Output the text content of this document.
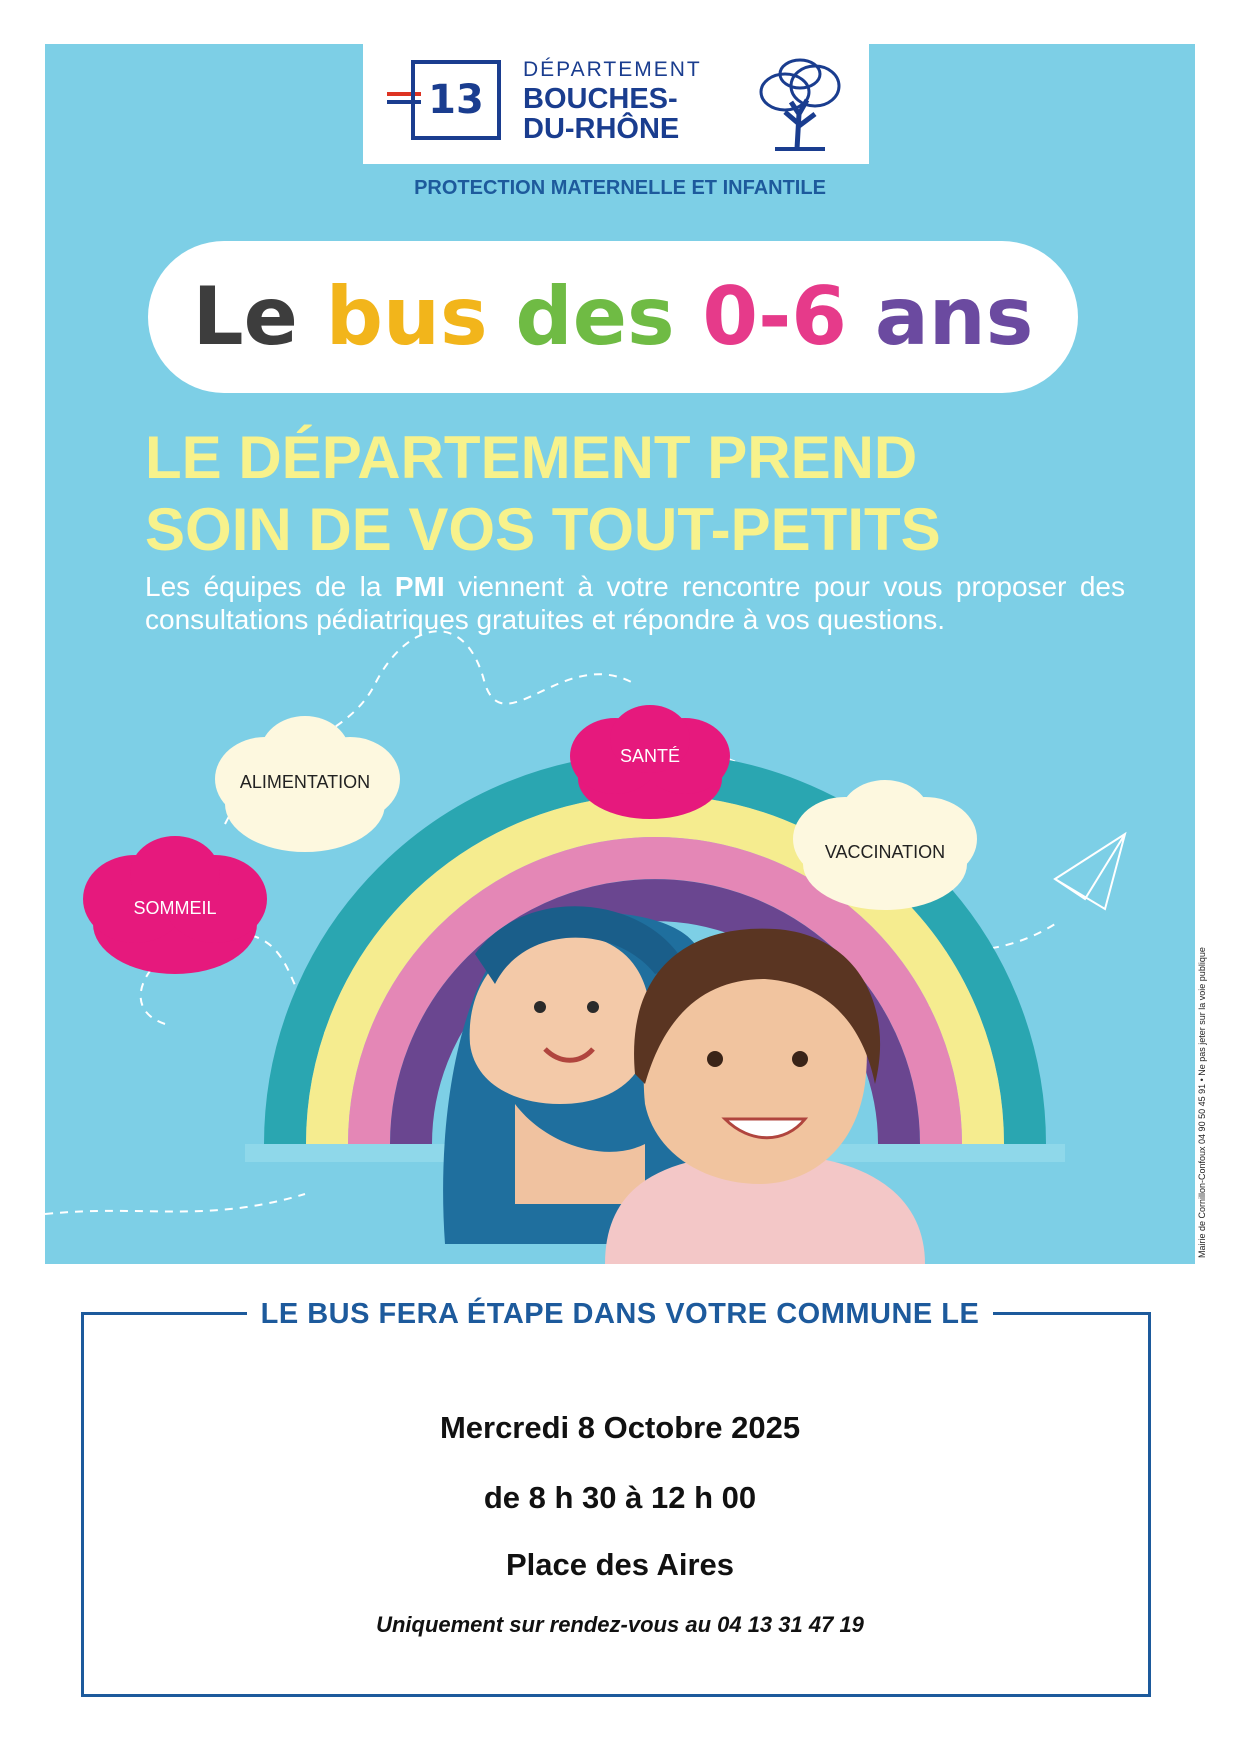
13
DÉPARTEMENT
BOUCHES-
DU-RHÔNE
PROTECTION MATERNELLE ET INFANTILE
Le bus des 0-6 ans
LE DÉPARTEMENT PREND
SOIN DE VOS TOUT-PETITS
Les équipes de la PMI viennent à votre rencontre pour vous proposer des consultations pédiatriques gratuites et répondre à vos questions.
ALIMENTATION
SANTÉ
VACCINATION
SOMMEIL
Mairie de Cornillon-Confoux 04 90 50 45 91 • Ne pas jeter sur la voie publique
LE BUS FERA ÉTAPE DANS VOTRE COMMUNE LE
Mercredi 8 Octobre 2025
de 8 h 30 à 12 h 00
Place des Aires
Uniquement sur rendez-vous au 04 13 31 47 19
